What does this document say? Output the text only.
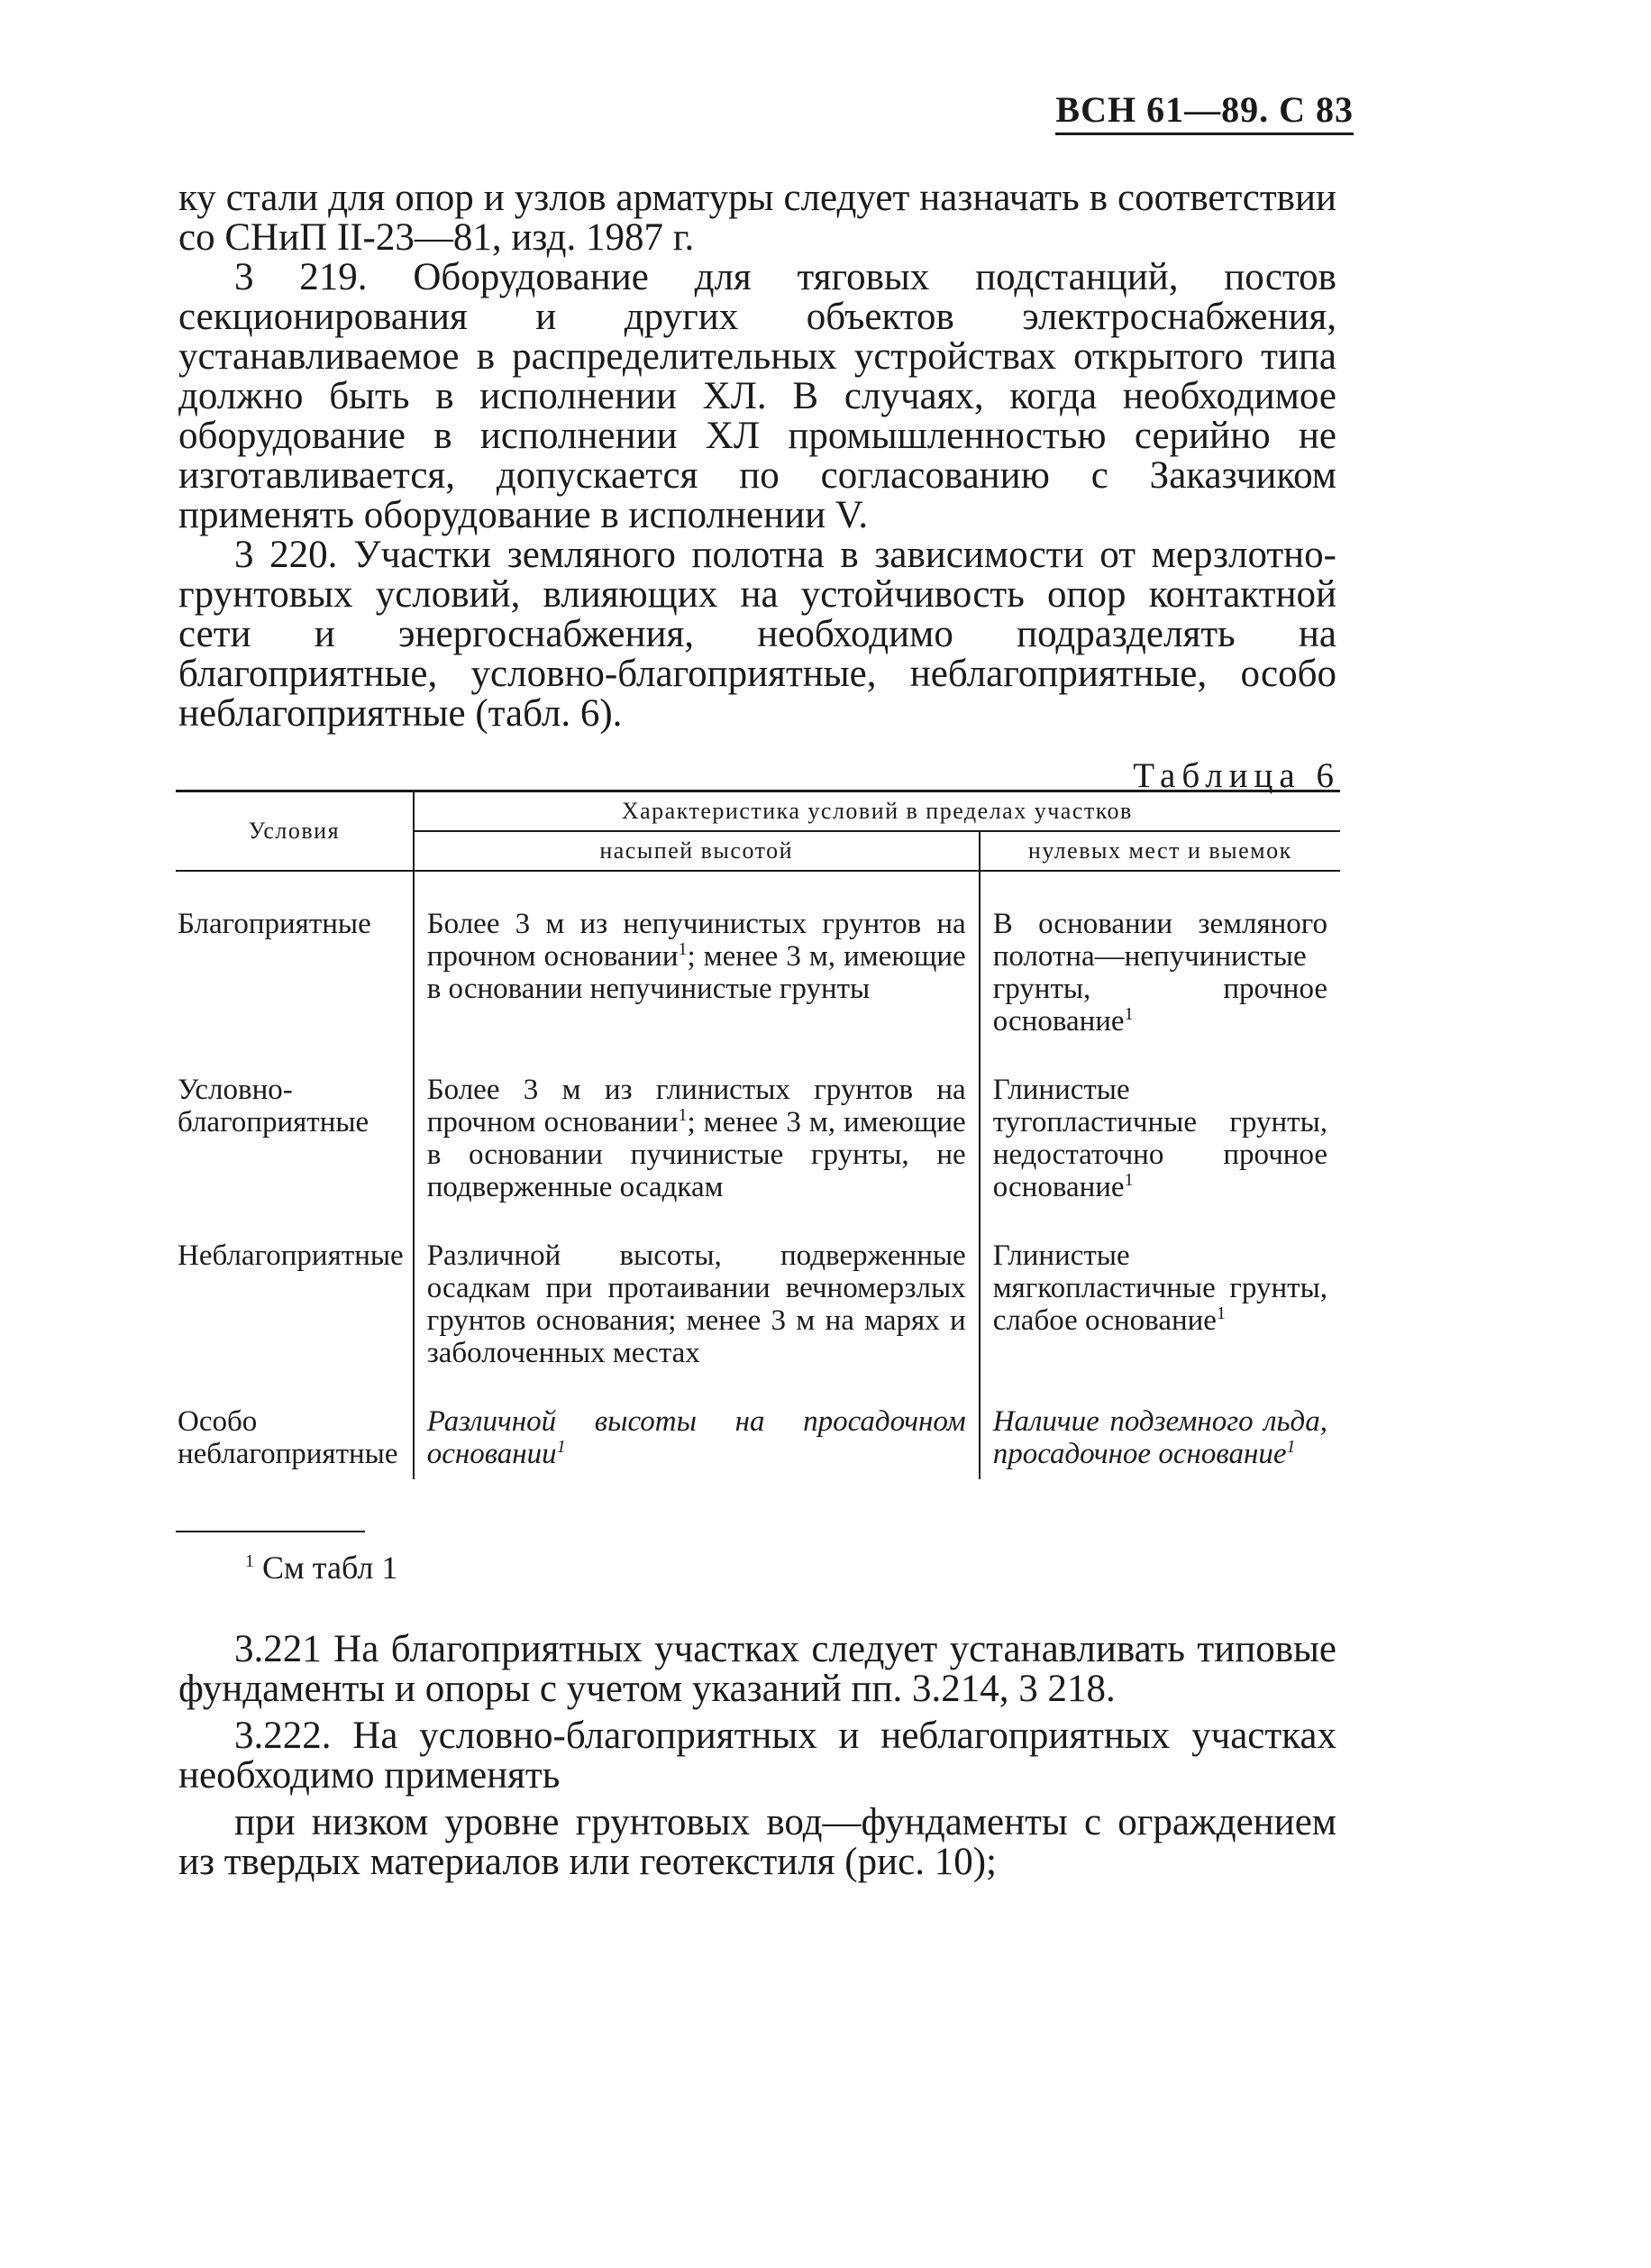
ВСН 61—89. С 83

ку стали для опор и узлов арматуры следует назначать в соответствии со СНиП II-23—81, изд. 1987 г.

3 219. Оборудование для тяговых подстанций, постов секционирования и других объектов электроснабжения, устанавливаемое в распределительных устройствах открытого типа должно быть в исполнении ХЛ. В случаях, когда необходимое оборудование в исполнении ХЛ промышленностью серийно не изготавливается, допускается по согласованию с Заказчиком применять оборудование в исполнении V.

3 220. Участки земляного полотна в зависимости от мерзлотно-грунтовых условий, влияющих на устойчивость опор контактной сети и энергоснабжения, необходимо подразделять на благоприятные, условно-благоприятные, неблагоприятные, особо неблагоприятные (табл. 6).

Таблица 6
Условия	Характеристика условий в пределах участков	
	насыпей высотой	нулевых мест и выемок
Благоприятные	Более 3 м из непучинистых грунтов на прочном основании$^1$; менее 3 м, имеющие в основании непучинистые грунты	В основании земляного полотна—непучинистые грунты, прочное основание$^1$
Условно-благоприятные	Более 3 м из глинистых грунтов на прочном основании$^1$; менее 3 м, имеющие в основании пучинистые грунты, не подверженные осадкам	Глинистые тугопластичные грунты, недостаточно прочное основание$^1$
Неблагоприятные	Различной высоты, подверженные осадкам при протаивании вечномерзлых грунтов основания; менее 3 м на марях и заболоченных местах	Глинистые мягкопластичные грунты, слабое основание$^1$
Особо неблагоприятные	Различной высоты на просадочном основании$^1$	Наличие подземного льда, просадочное основание$^1$
$^1$ См табл 1

3.221 На благоприятных участках следует устанавливать типовые фундаменты и опоры с учетом указаний пп. 3.214, 3 218.

3.222. На условно-благоприятных и неблагоприятных участках необходимо применять

при низком уровне грунтовых вод—фундаменты с ограждением из твердых материалов или геотекстиля (рис. 10);
